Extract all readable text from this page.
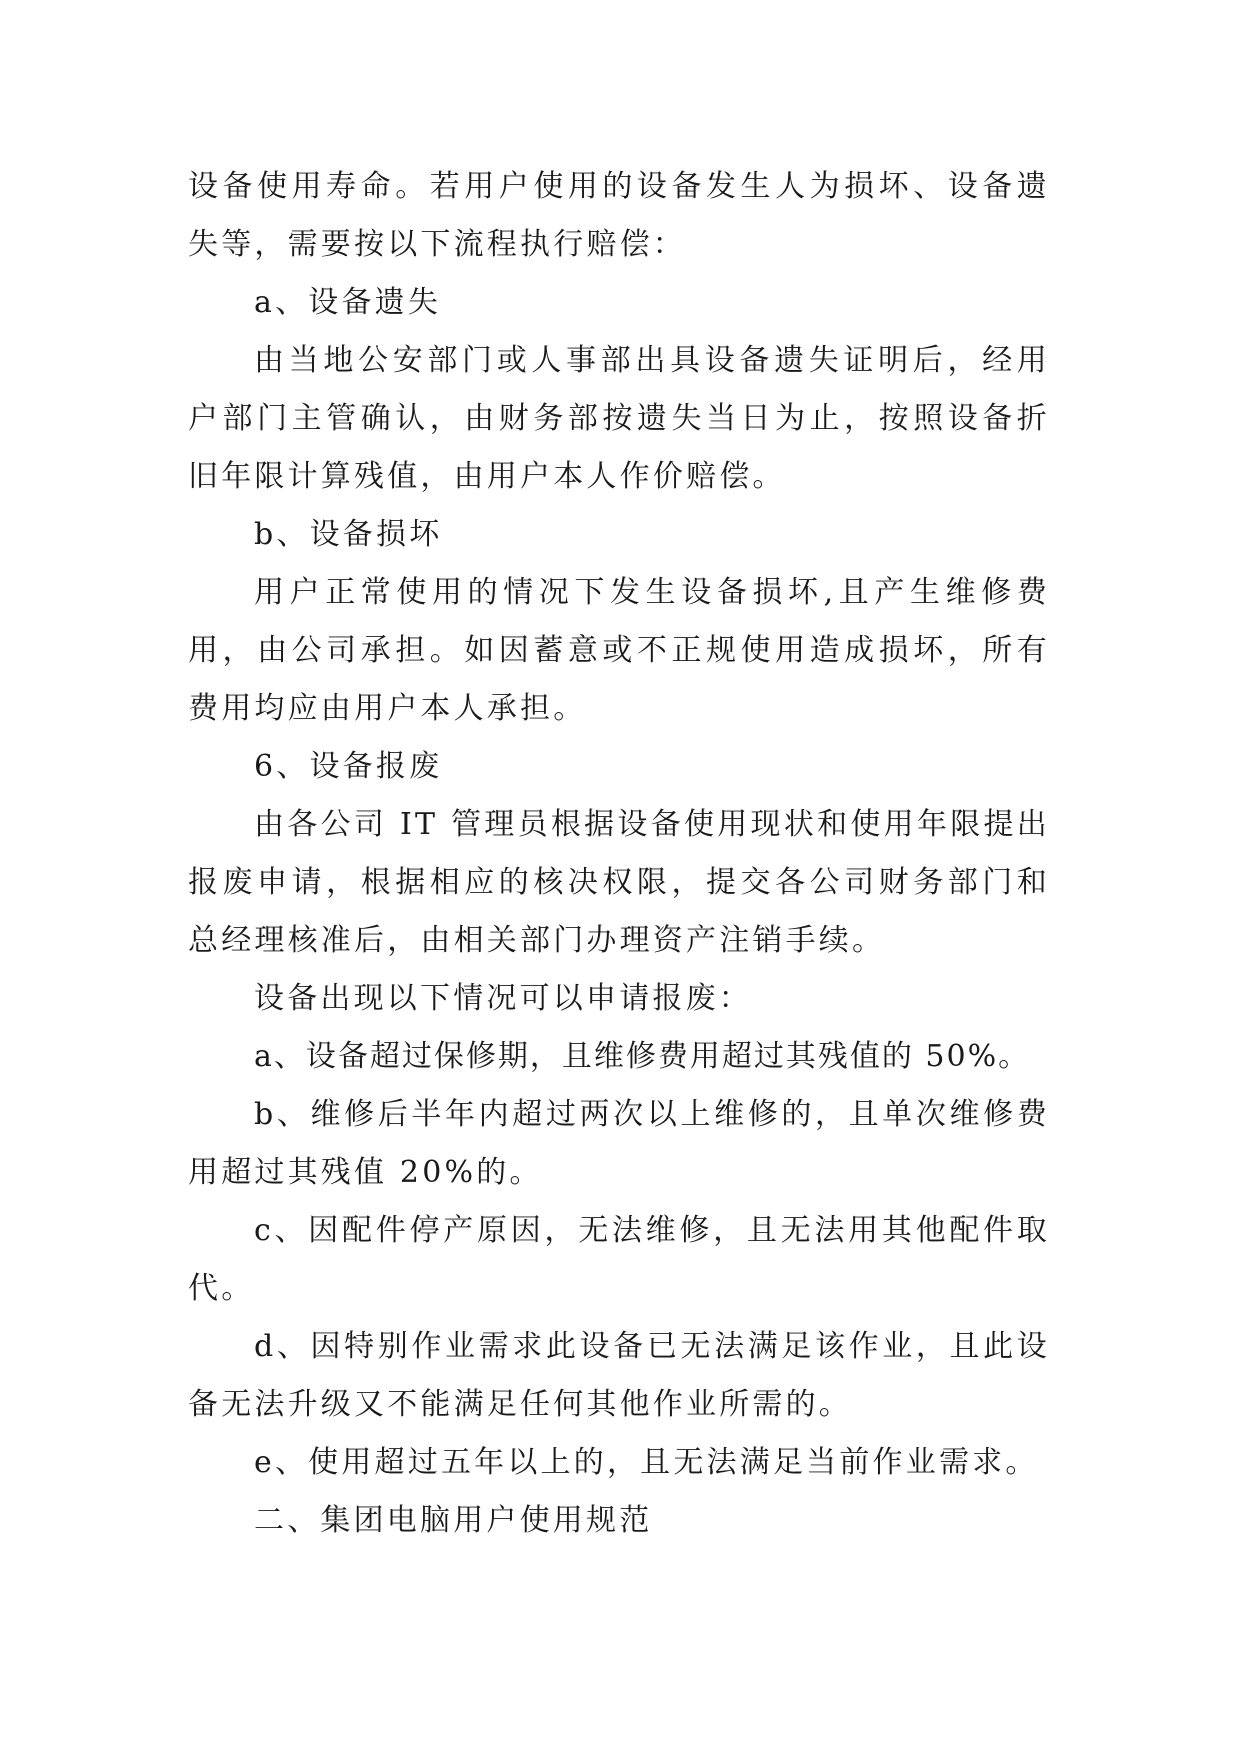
设备使用寿命。若用户使用的设备发生人为损坏、设备遗失等，需要按以下流程执行赔偿：

a、设备遗失

由当地公安部门或人事部出具设备遗失证明后，经用户部门主管确认，由财务部按遗失当日为止，按照设备折旧年限计算残值，由用户本人作价赔偿。

b、设备损坏

用户正常使用的情况下发生设备损坏,且产生维修费用，由公司承担。如因蓄意或不正规使用造成损坏，所有费用均应由用户本人承担。

6、设备报废

由各公司 IT 管理员根据设备使用现状和使用年限提出报废申请，根据相应的核决权限，提交各公司财务部门和总经理核准后，由相关部门办理资产注销手续。

设备出现以下情况可以申请报废：

a、设备超过保修期，且维修费用超过其残值的 50%。

b、维修后半年内超过两次以上维修的，且单次维修费用超过其残值 20%的。

c、因配件停产原因，无法维修，且无法用其他配件取代。

d、因特别作业需求此设备已无法满足该作业，且此设备无法升级又不能满足任何其他作业所需的。

e、使用超过五年以上的，且无法满足当前作业需求。

二、集团电脑用户使用规范
